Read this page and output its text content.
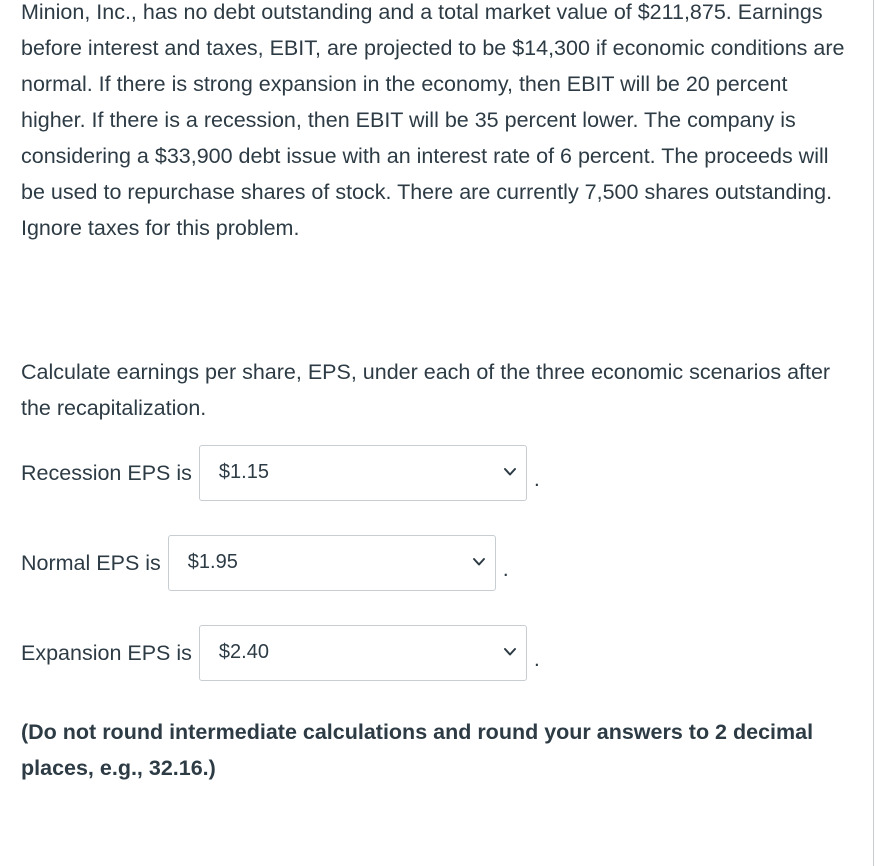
Minion, Inc., has no debt outstanding and a total market value of $211,875. Earnings before interest and taxes, EBIT, are projected to be $14,300 if economic conditions are normal. If there is strong expansion in the economy, then EBIT will be 20 percent higher. If there is a recession, then EBIT will be 35 percent lower. The company is considering a $33,900 debt issue with an interest rate of 6 percent. The proceeds will be used to repurchase shares of stock. There are currently 7,500 shares outstanding. Ignore taxes for this problem.

Calculate earnings per share, EPS, under each of the three economic scenarios after the recapitalization.

Recession EPS is $1.15	.
Normal EPS is $1.95	.
Expansion EPS is $2.40	.

(Do not round intermediate calculations and round your answers to 2 decimal places, e.g., 32.16.)
